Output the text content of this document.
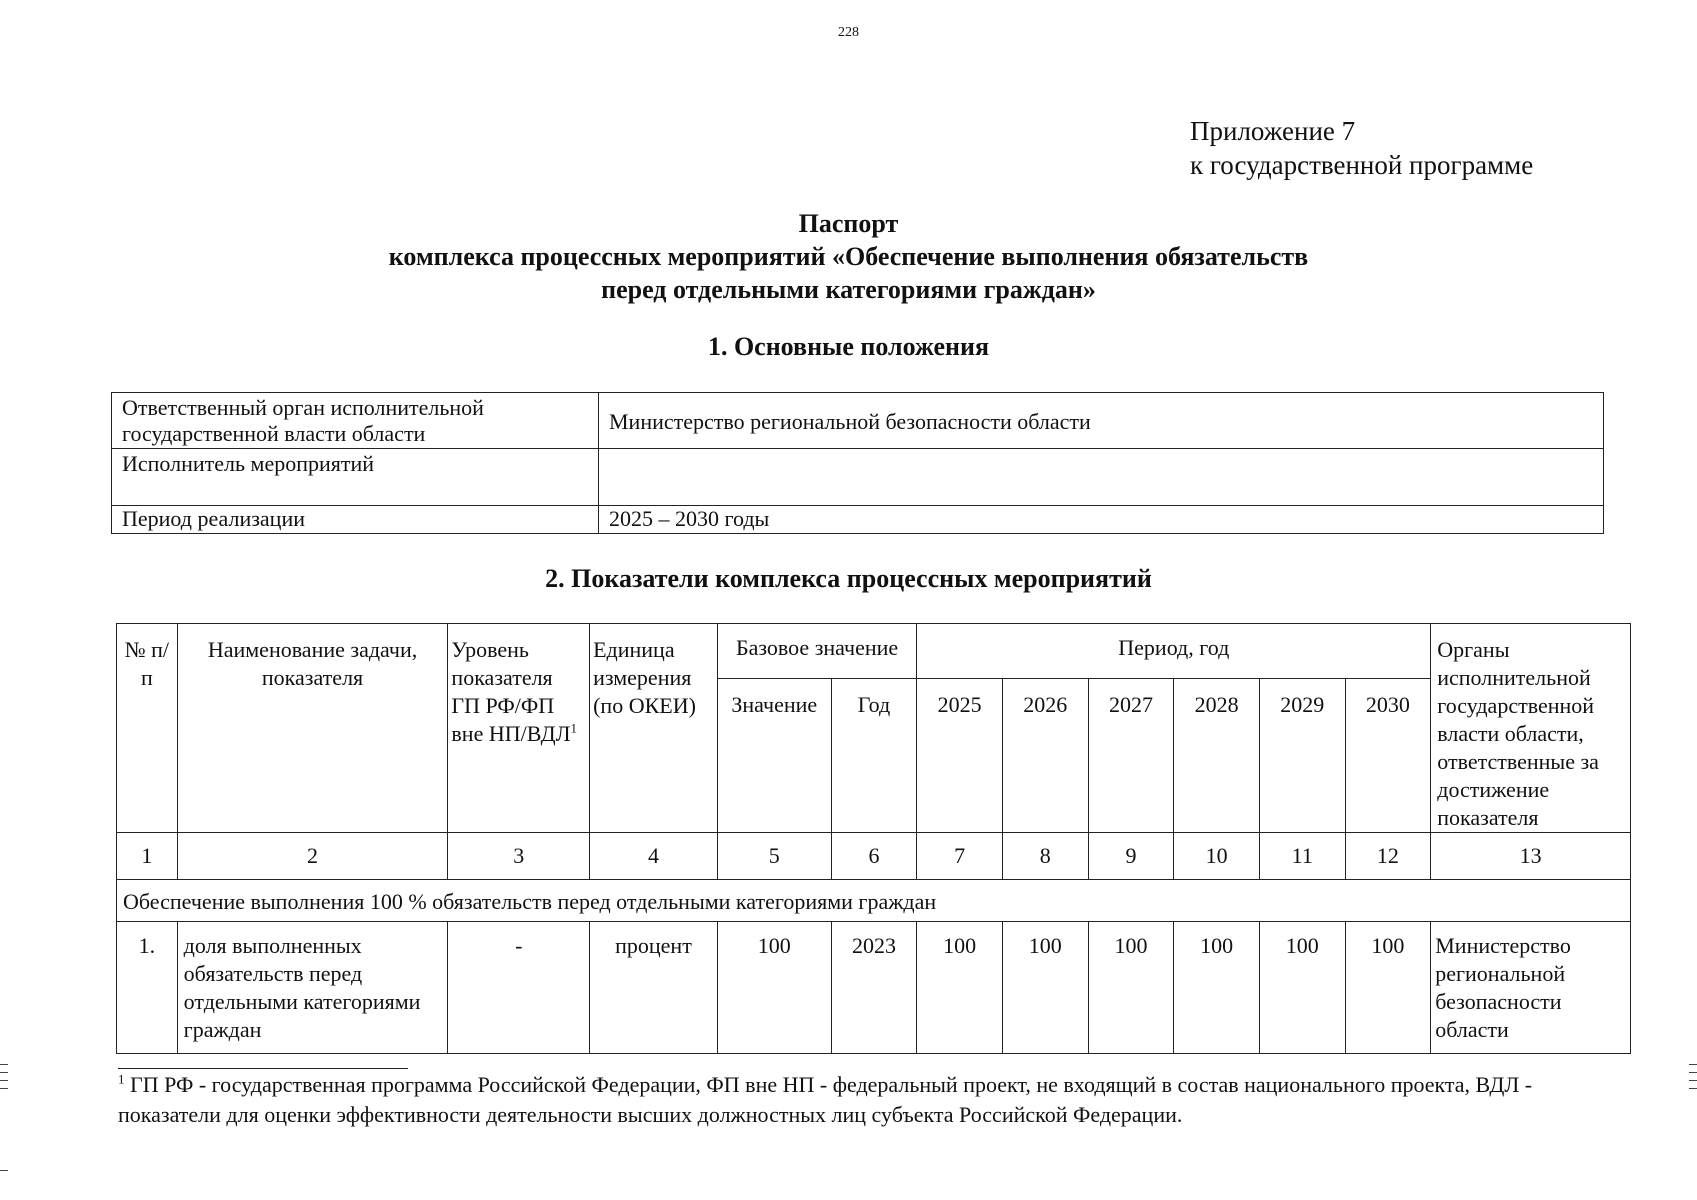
228
Приложение 7
к государственной программе
Паспорт
комплекса процессных мероприятий «Обеспечение выполнения обязательств
перед отдельными категориями граждан»
1. Основные положения
Ответственный орган исполнительной государственной власти области	Министерство региональной безопасности области
Исполнитель мероприятий	
Период реализации	2025 – 2030 годы
2. Показатели комплекса процессных мероприятий
№ п/п	Наименование задачи, показателя	Уровень показателя ГП РФ/ФП вне НП/ВДЛ$^1$	Единица измерения (по ОКЕИ)	Базовое значение		Период, год						Органы исполнительной государственной власти области, ответственные за достижение показателя
				Значение	Год	2025	2026	2027	2028	2029	2030	
1	2	3	4	5	6	7	8	9	10	11	12	13
Обеспечение выполнения 100 % обязательств перед отдельными категориями граждан												
1.	доля выполненных обязательств перед отдельными категориями граждан	-	процент	100	2023	100	100	100	100	100	100	Министерство региональной безопасности области
$^1$ ГП РФ - государственная программа Российской Федерации, ФП вне НП - федеральный проект, не входящий в состав национального проекта, ВДЛ - показатели для оценки эффективности деятельности высших должностных лиц субъекта Российской Федерации.
